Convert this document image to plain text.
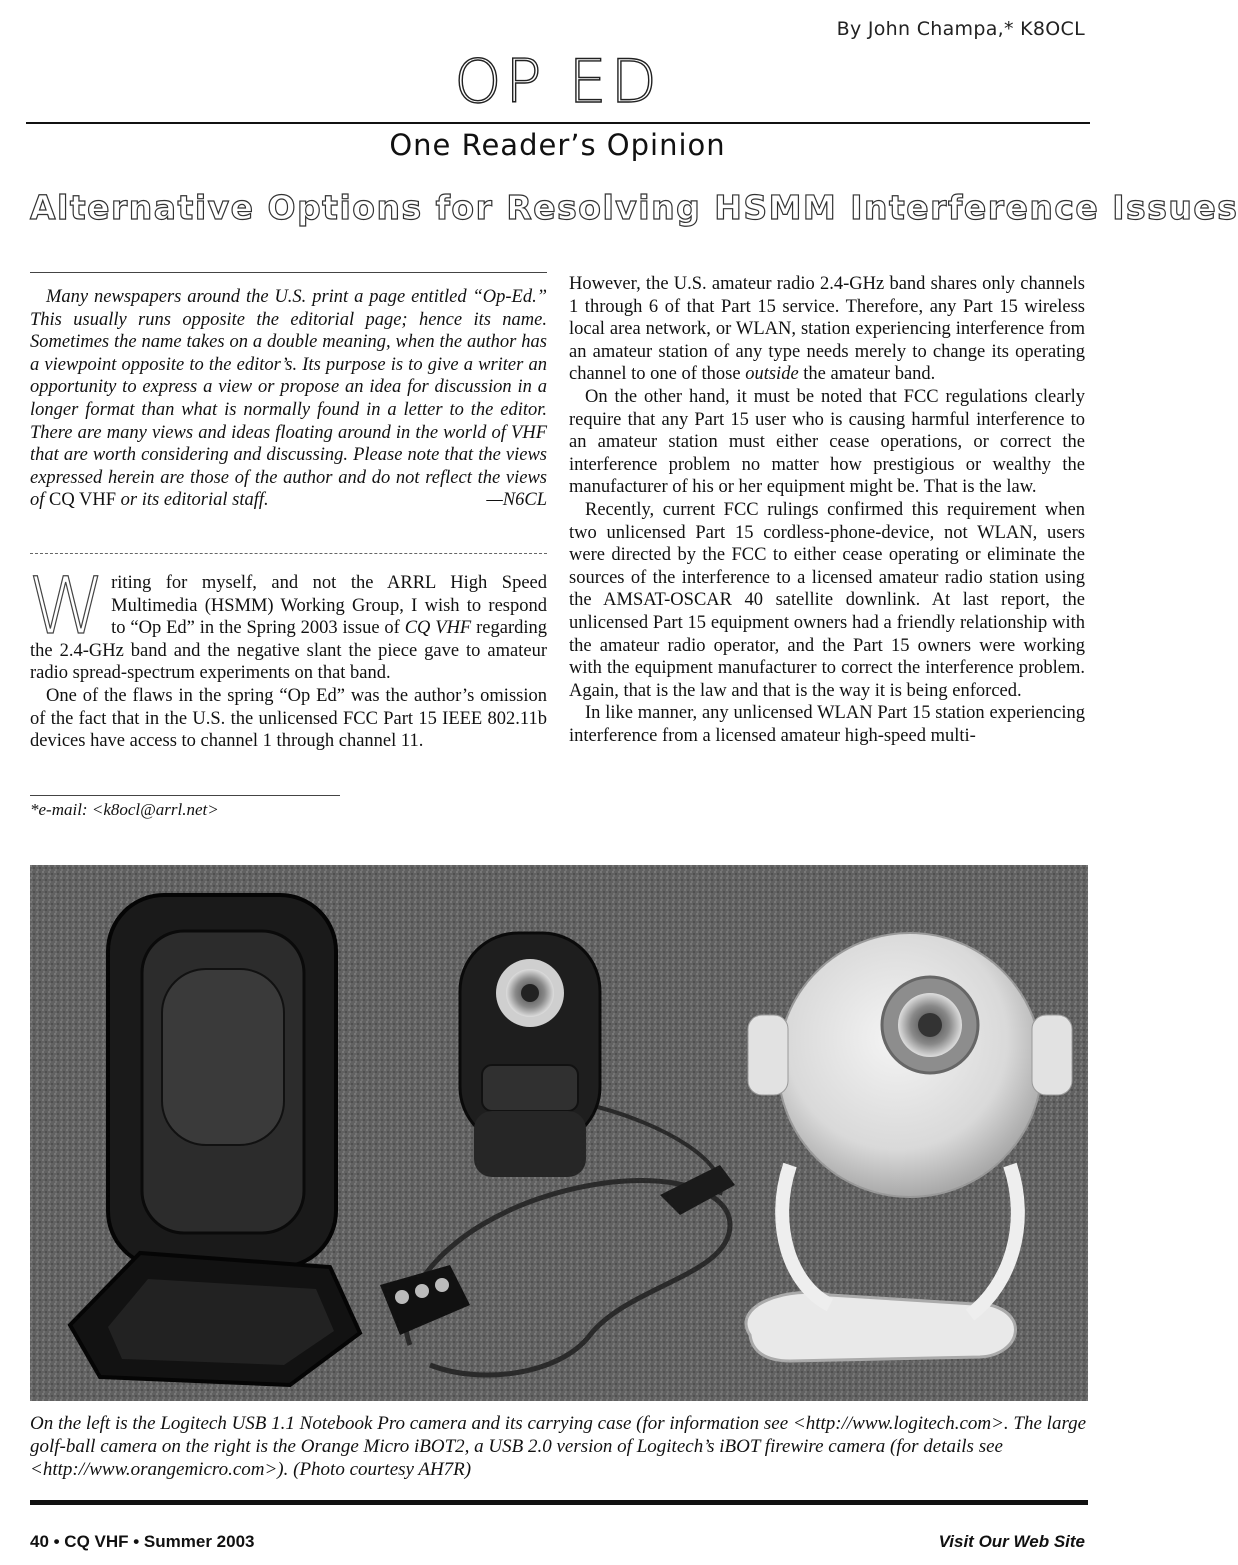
By John Champa,* K8OCL
OP ED
One Reader’s Opinion
Alternative Options for Resolving HSMM Interference Issues

Many newspapers around the U.S. print a page entitled “Op-Ed.” This usually runs opposite the editorial page; hence its name. Sometimes the name takes on a double meaning, when the author has a viewpoint opposite to the editor’s. Its purpose is to give a writer an opportunity to express a view or propose an idea for discussion in a longer format than what is normally found in a letter to the editor. There are many views and ideas floating around in the world of VHF that are worth considering and discussing. Please note that the views expressed herein are those of the author and do not reflect the views of CQ VHF or its editorial staff.	—N6CL

Writing for myself, and not the ARRL High Speed Multimedia (HSMM) Working Group, I wish to respond to “Op Ed” in the Spring 2003 issue of CQ VHF regarding the 2.4-GHz band and the negative slant the piece gave to amateur radio spread-spectrum experiments on that band.

One of the flaws in the spring “Op Ed” was the author’s omission of the fact that in the U.S. the unlicensed FCC Part 15 IEEE 802.11b devices have access to channel 1 through channel 11.

*e-mail: <k8ocl@arrl.net>

However, the U.S. amateur radio 2.4-GHz band shares only channels 1 through 6 of that Part 15 service. Therefore, any Part 15 wireless local area network, or WLAN, station experiencing interference from an amateur station of any type needs merely to change its operating channel to one of those outside the amateur band.

On the other hand, it must be noted that FCC regulations clearly require that any Part 15 user who is causing harmful interference to an amateur station must either cease operations, or correct the interference problem no matter how prestigious or wealthy the manufacturer of his or her equipment might be. That is the law.

Recently, current FCC rulings confirmed this requirement when two unlicensed Part 15 cordless-phone-device, not WLAN, users were directed by the FCC to either cease operating or eliminate the sources of the interference to a licensed amateur radio station using the AMSAT-OSCAR 40 satellite downlink. At last report, the unlicensed Part 15 equipment owners had a friendly relationship with the amateur radio operator, and the Part 15 owners were working with the equipment manufacturer to correct the interference problem. Again, that is the law and that is the way it is being enforced.

In like manner, any unlicensed WLAN Part 15 station experiencing interference from a licensed amateur high-speed multi-

On the left is the Logitech USB 1.1 Notebook Pro camera and its carrying case (for information see <http://www.logitech.com>. The large golf-ball camera on the right is the Orange Micro iBOT2, a USB 2.0 version of Logitech’s iBOT firewire camera (for details see <http://www.orangemicro.com>). (Photo courtesy AH7R)
40 • CQ VHF • Summer 2003	Visit Our Web Site
